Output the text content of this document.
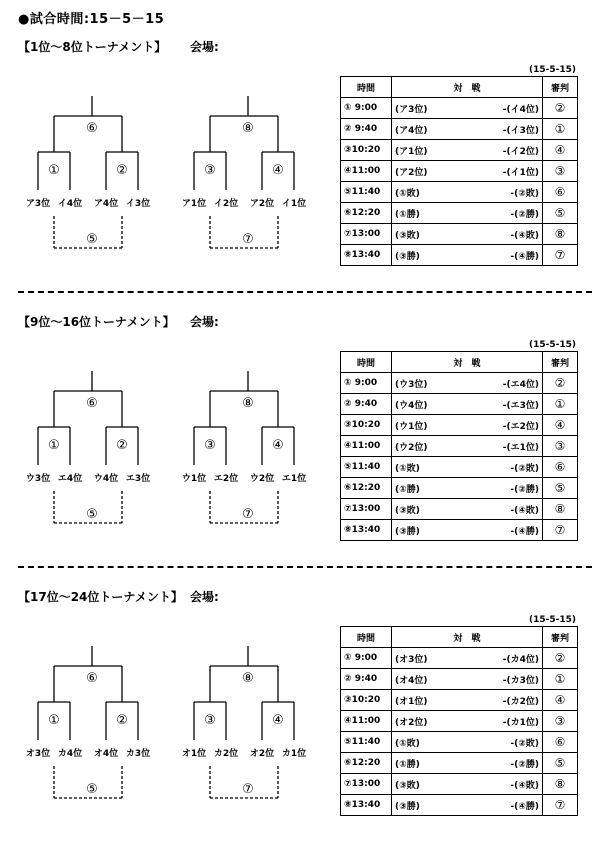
●試合時間:15－5－15
【1位～8位トーナメント】 会場:
(15-5-15)
⑥
①	②
⑤
ア3位 イ4位 ア4位 イ3位
⑧
③	④
⑦
ア1位 イ2位 ア2位 イ1位
時間	対　戦	審判
① 9:00	(ア3位) -(イ4位)	②
② 9:40	(ア4位) -(イ3位)	①
③10:20	(ア1位) -(イ2位)	④
④11:00	(ア2位) -(イ1位)	③
⑤11:40	(①敗) -(②敗)	⑥
⑥12:20	(①勝) -(②勝)	⑤
⑦13:00	(③敗) -(④敗)	⑧
⑧13:40	(③勝) -(④勝)	⑦
【9位～16位トーナメント】 会場:
(15-5-15)
⑥
①	②
⑤
ウ3位 エ4位 ウ4位 エ3位
⑧
③	④
⑦
ウ1位 エ2位 ウ2位 エ1位
時間	対　戦	審判
① 9:00	(ウ3位) -(エ4位)	②
② 9:40	(ウ4位) -(エ3位)	①
③10:20	(ウ1位) -(エ2位)	④
④11:00	(ウ2位) -(エ1位)	③
⑤11:40	(①敗) -(②敗)	⑥
⑥12:20	(①勝) -(②勝)	⑤
⑦13:00	(③敗) -(④敗)	⑧
⑧13:40	(③勝) -(④勝)	⑦
【17位～24位トーナメント】 会場:
(15-5-15)
⑥
①	②
⑤
オ3位 カ4位 オ4位 カ3位
⑧
③	④
⑦
オ1位 カ2位 オ2位 カ1位
時間	対　戦	審判
① 9:00	(オ3位) -(カ4位)	②
② 9:40	(オ4位) -(カ3位)	①
③10:20	(オ1位) -(カ2位)	④
④11:00	(オ2位) -(カ1位)	③
⑤11:40	(①敗) -(②敗)	⑥
⑥12:20	(①勝) -(②勝)	⑤
⑦13:00	(③敗) -(④敗)	⑧
⑧13:40	(③勝) -(④勝)	⑦
